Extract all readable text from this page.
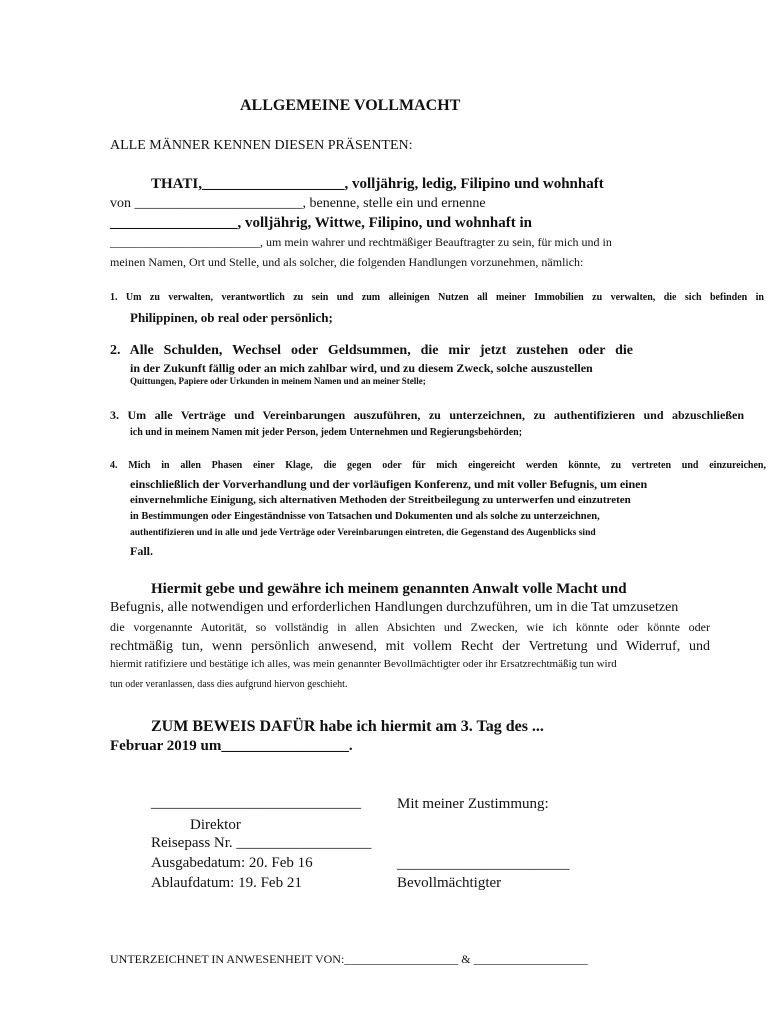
ALLGEMEINE VOLLMACHT
ALLE MÄNNER KENNEN DIESEN PRÄSENTEN:
THATI,___________________, volljährig, ledig, Filipino und wohnhaft
von ________________________, benenne, stelle ein und ernenne
_________________, volljährig, Wittwe, Filipino, und wohnhaft in
_________________________, um mein wahrer und rechtmäßiger Beauftragter zu sein, für mich und in
meinen Namen, Ort und Stelle, und als solcher, die folgenden Handlungen vorzunehmen, nämlich:
1. Um zu verwalten, verantwortlich zu sein und zum alleinigen Nutzen all meiner Immobilien zu verwalten, die sich befinden in
Philippinen, ob real oder persönlich;
2. Alle Schulden, Wechsel oder Geldsummen, die mir jetzt zustehen oder die
in der Zukunft fällig oder an mich zahlbar wird, und zu diesem Zweck, solche auszustellen
Quittungen, Papiere oder Urkunden in meinem Namen und an meiner Stelle;
3. Um alle Verträge und Vereinbarungen auszuführen, zu unterzeichnen, zu authentifizieren und abzuschließen
ich und in meinem Namen mit jeder Person, jedem Unternehmen und Regierungsbehörden;
4. Mich in allen Phasen einer Klage, die gegen oder für mich eingereicht werden könnte, zu vertreten und einzureichen,
einschließlich der Vorverhandlung und der vorläufigen Konferenz, und mit voller Befugnis, um einen
einvernehmliche Einigung, sich alternativen Methoden der Streitbeilegung zu unterwerfen und einzutreten
in Bestimmungen oder Eingeständnisse von Tatsachen und Dokumenten und als solche zu unterzeichnen,
authentifizieren und in alle und jede Verträge oder Vereinbarungen eintreten, die Gegenstand des Augenblicks sind
Fall.
Hiermit gebe und gewähre ich meinem genannten Anwalt volle Macht und
Befugnis, alle notwendigen und erforderlichen Handlungen durchzuführen, um in die Tat umzusetzen
die vorgenannte Autorität, so vollständig in allen Absichten und Zwecken, wie ich könnte oder könnte oder
rechtmäßig tun, wenn persönlich anwesend, mit vollem Recht der Vertretung und Widerruf, und
hiermit ratifiziere und bestätige ich alles, was mein genannter Bevollmächtigter oder ihr Ersatzrechtmäßig tun wird
tun oder veranlassen, dass dies aufgrund hiervon geschieht.
ZUM BEWEIS DAFÜR habe ich hiermit am 3. Tag des ...
Februar 2019 um_________________.
____________________________ Mit meiner Zustimmung:
Direktor
Reisepass Nr. __________________
Ausgabedatum: 20. Feb 16	_______________________
Ablaufdatum: 19. Feb 21	Bevollmächtigter
UNTERZEICHNET IN ANWESENHEIT VON:___________________ & ___________________
